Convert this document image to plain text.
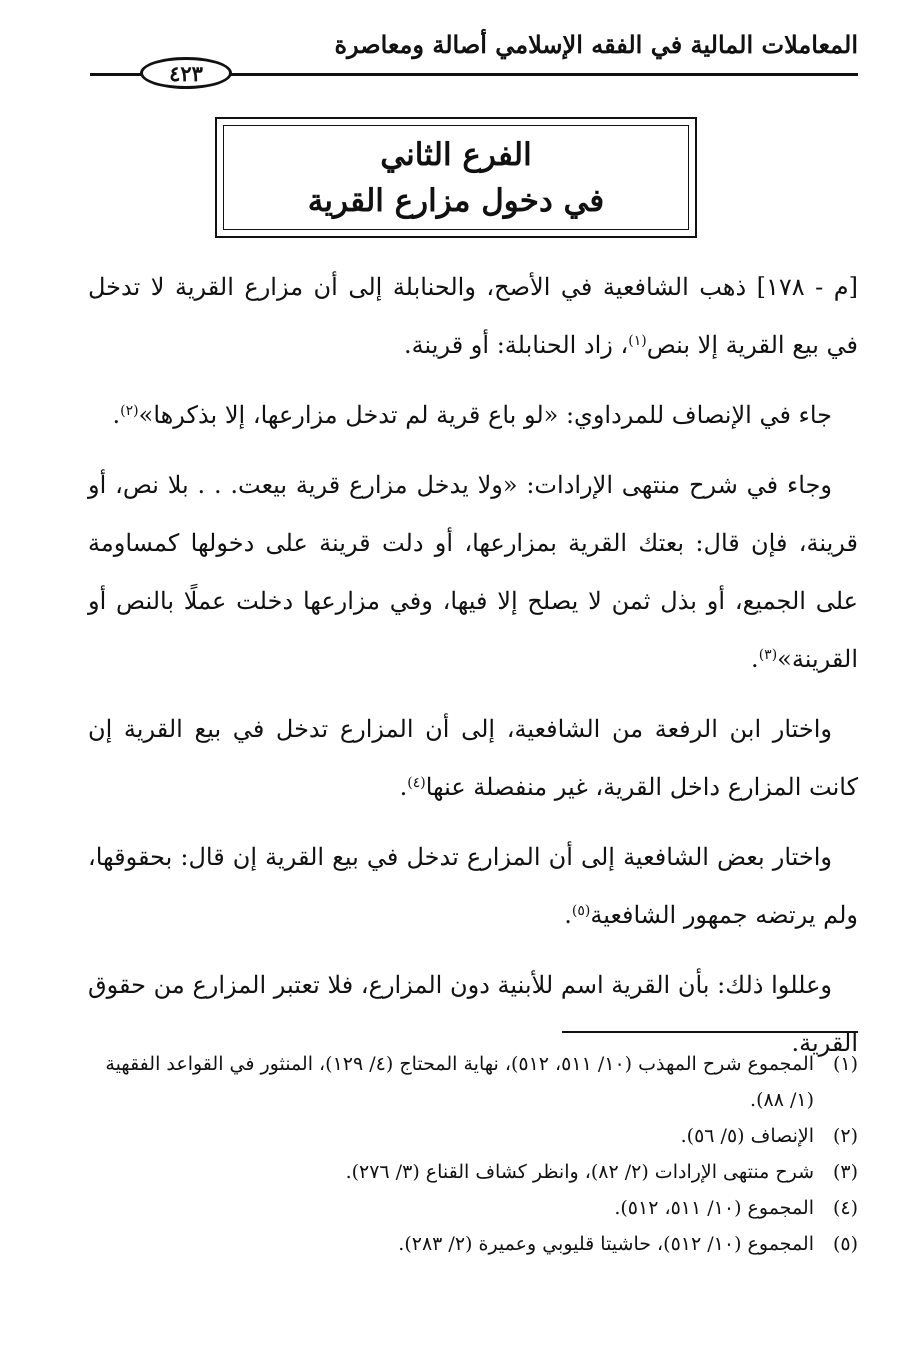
المعاملات المالية في الفقه الإسلامي أصالة ومعاصرة
٤٢٣
الفرع الثاني
في دخول مزارع القرية

[م - ١٧٨] ذهب الشافعية في الأصح، والحنابلة إلى أن مزارع القرية لا تدخل في بيع القرية إلا بنص$^{(١)}$، زاد الحنابلة: أو قرينة.

جاء في الإنصاف للمرداوي: «لو باع قرية لم تدخل مزارعها، إلا بذكرها»$^{(٢)}$.

وجاء في شرح منتهى الإرادات: «ولا يدخل مزارع قرية بيعت. . . بلا نص، أو قرينة، فإن قال: بعتك القرية بمزارعها، أو دلت قرينة على دخولها كمساومة على الجميع، أو بذل ثمن لا يصلح إلا فيها، وفي مزارعها دخلت عملًا بالنص أو القرينة»$^{(٣)}$.

واختار ابن الرفعة من الشافعية، إلى أن المزارع تدخل في بيع القرية إن كانت المزارع داخل القرية، غير منفصلة عنها$^{(٤)}$.

واختار بعض الشافعية إلى أن المزارع تدخل في بيع القرية إن قال: بحقوقها، ولم يرتضه جمهور الشافعية$^{(٥)}$.

وعللوا ذلك: بأن القرية اسم للأبنية دون المزارع، فلا تعتبر المزارع من حقوق القرية.

(١)
المجموع شرح المهذب (١٠/ ٥١١، ٥١٢)، نهاية المحتاج (٤/ ١٢٩)، المنثور في القواعد الفقهية (١/ ٨٨).
(٢)
الإنصاف (٥/ ٥٦).
(٣)
شرح منتهى الإرادات (٢/ ٨٢)، وانظر كشاف القناع (٣/ ٢٧٦).
(٤)
المجموع (١٠/ ٥١١، ٥١٢).
(٥)
المجموع (١٠/ ٥١٢)، حاشيتا قليوبي وعميرة (٢/ ٢٨٣).
